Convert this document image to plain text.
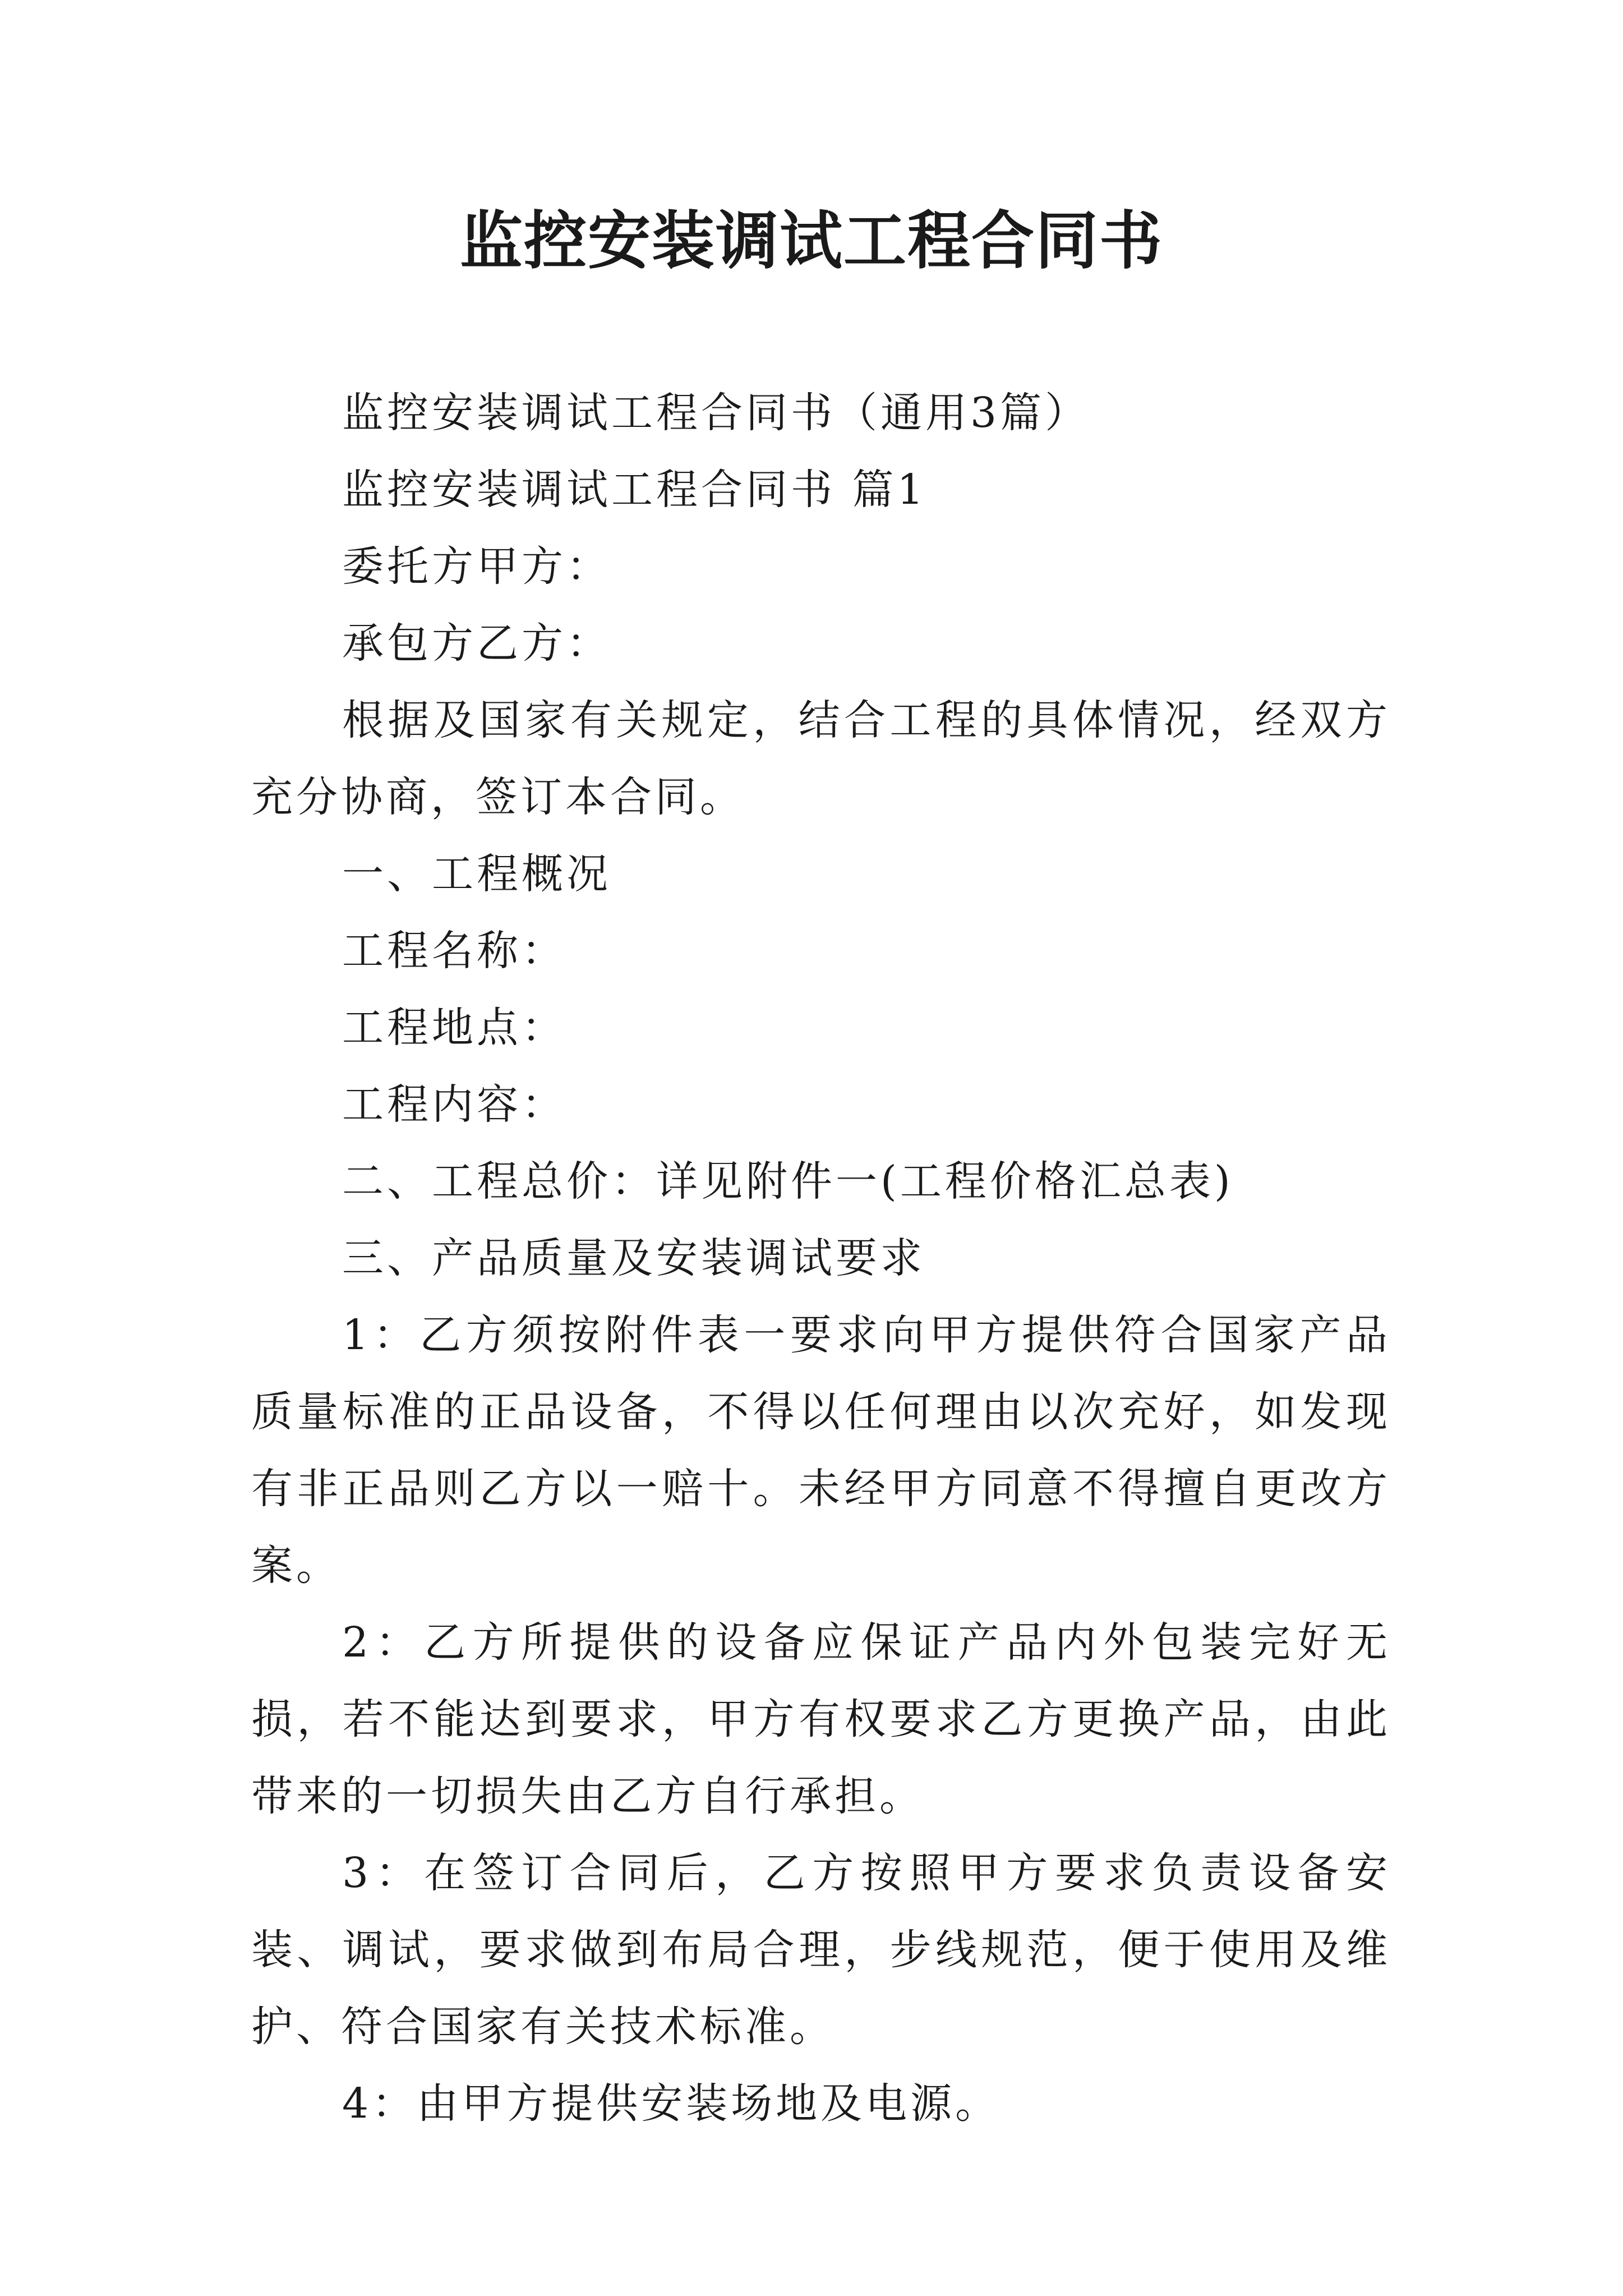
监控安装调试工程合同书

监控安装调试工程合同书（通用3篇）

监控安装调试工程合同书 篇1

委托方甲方：

承包方乙方：

根据及国家有关规定，结合工程的具体情况，经双方充分协商，签订本合同。

一、工程概况

工程名称：

工程地点：

工程内容：

二、工程总价：详见附件一(工程价格汇总表)

三、产品质量及安装调试要求

1：乙方须按附件表一要求向甲方提供符合国家产品质量标准的正品设备，不得以任何理由以次充好，如发现有非正品则乙方以一赔十。未经甲方同意不得擅自更改方案。

2：乙方所提供的设备应保证产品内外包装完好无损，若不能达到要求，甲方有权要求乙方更换产品，由此带来的一切损失由乙方自行承担。

3：在签订合同后，乙方按照甲方要求负责设备安装、调试，要求做到布局合理，步线规范，便于使用及维护、符合国家有关技术标准。

4：由甲方提供安装场地及电源。
